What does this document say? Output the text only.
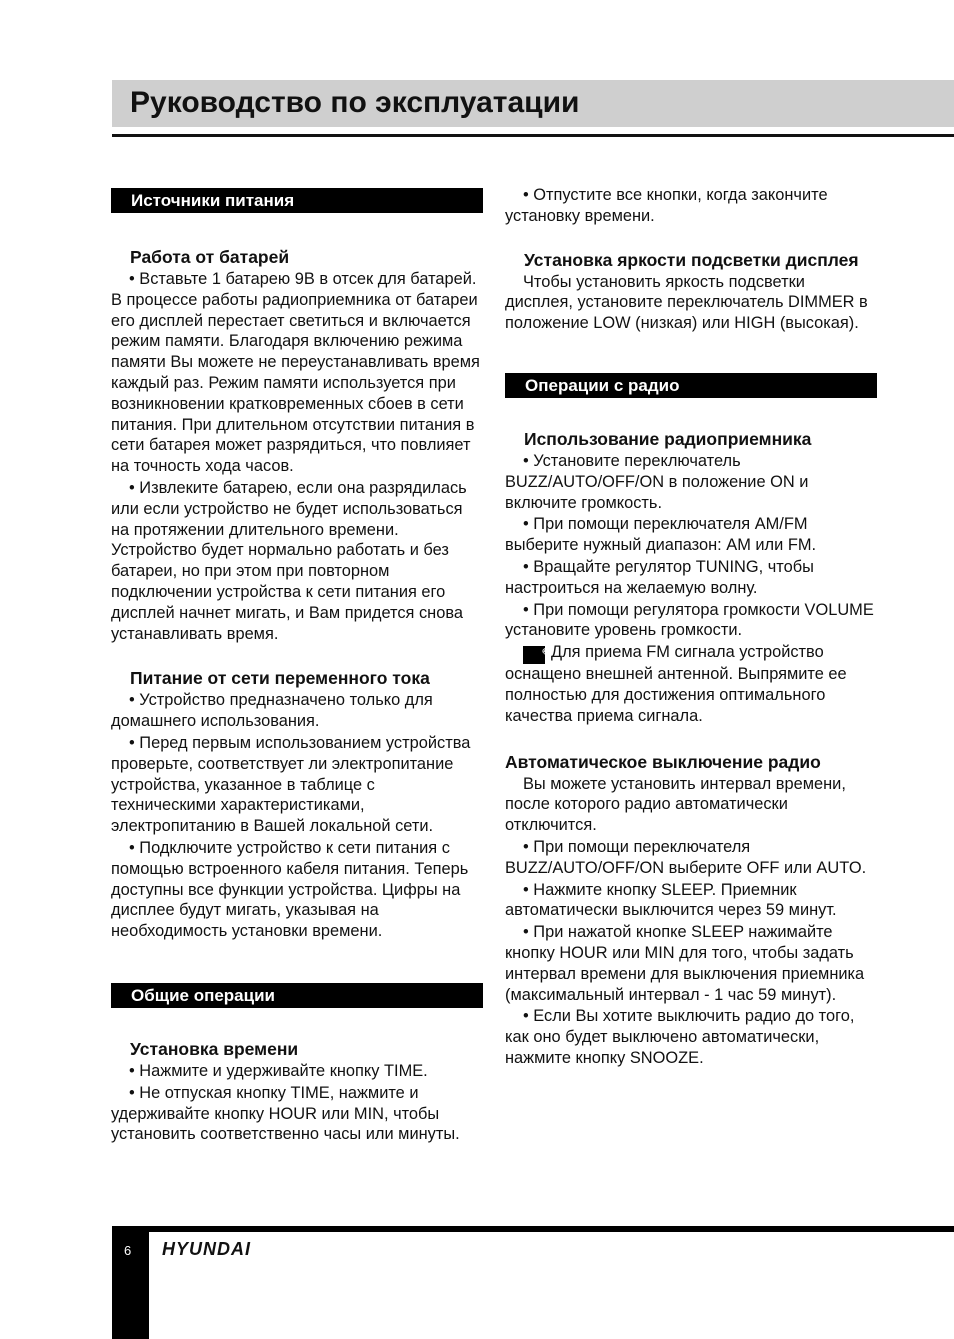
Руководство по эксплуатации
Источники питания
Работа от батарей

• Вставьте 1 батарею 9В в отсек для батарей. В процессе работы радиоприемника от батареи его дисплей перестает светиться и включается режим памяти. Благодаря включению режима памяти Вы можете не переустанавливать время каждый раз. Режим памяти используется при возникновении кратковременных сбоев в сети питания. При длительном отсутствии питания в сети батарея может разрядиться, что повлияет на точность хода часов.

• Извлеките батарею, если она разрядилась или если устройство не будет использоваться на протяжении длительного времени. Устройство будет нормально работать и без батареи, но при этом при повторном подключении устройства к сети питания его дисплей начнет мигать, и Вам придется снова устанавливать время.

Питание от сети переменного тока

• Устройство предназначено только для домашнего использования.

• Перед первым использованием устройства проверьте, соответствует ли электропитание устройства, указанное в таблице с техническими характеристиками, электропитанию в Вашей локальной сети.

• Подключите устройство к сети питания с помощью встроенного кабеля питания. Теперь доступны все функции устройства. Цифры на дисплее будут мигать, указывая на необходимость установки времени.

Общие операции
Установка времени

• Нажмите и удерживайте кнопку TIME.

• Не отпуская кнопку TIME, нажмите и удерживайте кнопку HOUR или MIN, чтобы установить соответственно часы или минуты.

• Отпустите все кнопки, когда закончите установку времени.

Установка яркости подсветки дисплея

Чтобы установить яркость подсветки дисплея, установите переключатель DIMMER в положение LOW (низкая) или HIGH (высокая).

Операции с радио
Использование радиоприемника

• Установите переключатель BUZZ/AUTO/OFF/ON в положение ON и включите громкость.

• При помощи переключателя AM/FM выберите нужный диапазон: AM или FM.

• Вращайте регулятор TUNING, чтобы настроиться на желаемую волну.

• При помощи регулятора громкости VOLUME установите уровень громкости.

✎Для приема FM сигнала устройство оснащено внешней антенной. Выпрямите ее полностью для достижения оптимального качества приема сигнала.

Автоматическое выключение радио

Вы можете установить интервал времени, после которого радио автоматически отключится.

• При помощи переключателя BUZZ/AUTO/OFF/ON выберите OFF или AUTO.

• Нажмите кнопку SLEEP. Приемник автоматически выключится через 59 минут.

• При нажатой кнопке SLEEP нажимайте кнопку HOUR или MIN для того, чтобы задать интервал времени для выключения приемника (максимальный интервал - 1 час 59 минут).

• Если Вы хотите выключить радио до того, как оно будет выключено автоматически, нажмите кнопку SNOOZE.

6 HYUNDAI
